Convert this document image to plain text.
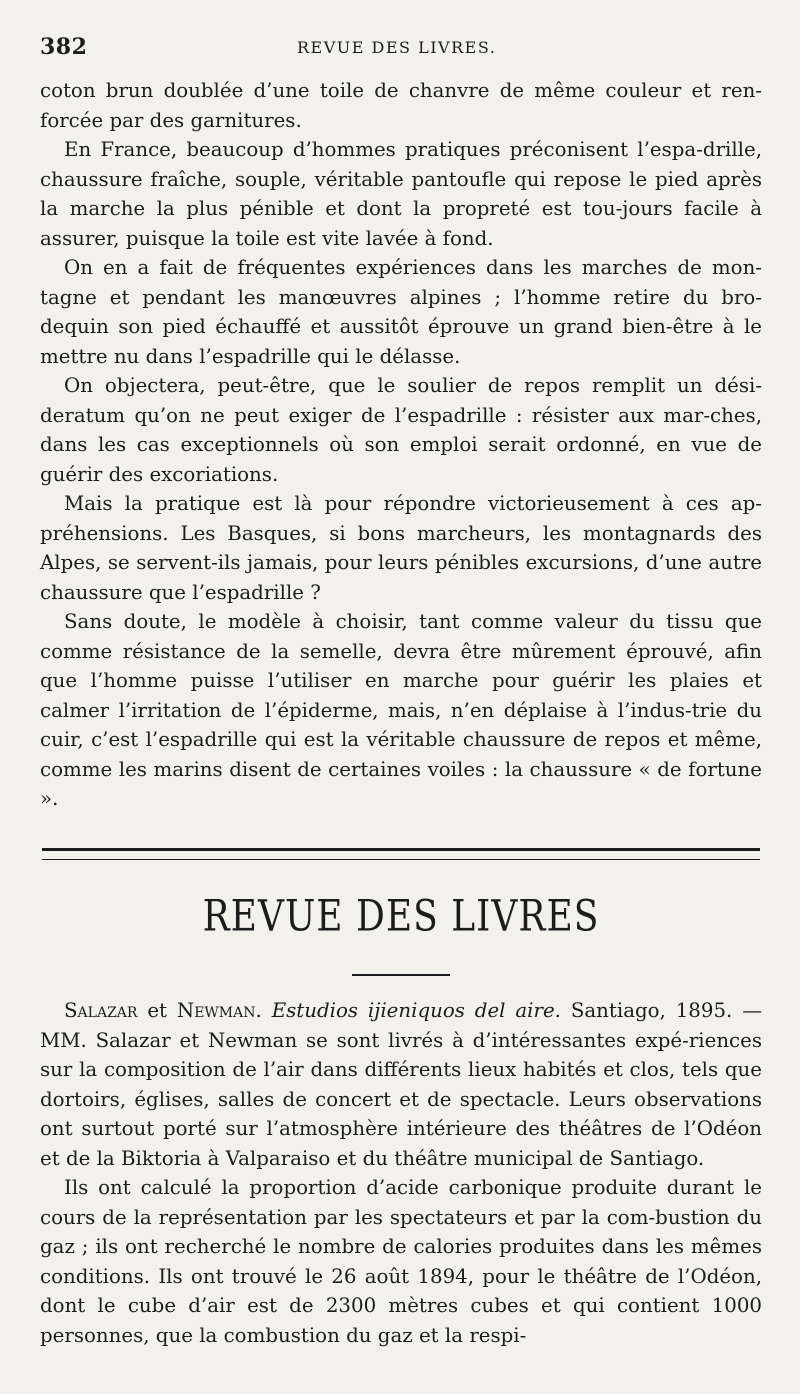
382	REVUE DES LIVRES.

coton brun doublée d’une toile de chanvre de même couleur et ren-forcée par des garnitures.

En France, beaucoup d’hommes pratiques préconisent l’espa-drille, chaussure fraîche, souple, véritable pantoufle qui repose le pied après la marche la plus pénible et dont la propreté est tou-jours facile à assurer, puisque la toile est vite lavée à fond.

On en a fait de fréquentes expériences dans les marches de mon-tagne et pendant les manœuvres alpines ; l’homme retire du bro-dequin son pied échauffé et aussitôt éprouve un grand bien-être à le mettre nu dans l’espadrille qui le délasse.

On objectera, peut-être, que le soulier de repos remplit un dési-deratum qu’on ne peut exiger de l’espadrille : résister aux mar-ches, dans les cas exceptionnels où son emploi serait ordonné, en vue de guérir des excoriations.

Mais la pratique est là pour répondre victorieusement à ces ap-préhensions. Les Basques, si bons marcheurs, les montagnards des Alpes, se servent-ils jamais, pour leurs pénibles excursions, d’une autre chaussure que l’espadrille ?

Sans doute, le modèle à choisir, tant comme valeur du tissu que comme résistance de la semelle, devra être mûrement éprouvé, afin que l’homme puisse l’utiliser en marche pour guérir les plaies et calmer l’irritation de l’épiderme, mais, n’en déplaise à l’indus-trie du cuir, c’est l’espadrille qui est la véritable chaussure de repos et même, comme les marins disent de certaines voiles : la chaussure « de fortune ».

REVUE DES LIVRES

Salazar et Newman. Estudios ijieniquos del aire. Santiago, 1895. — MM. Salazar et Newman se sont livrés à d’intéressantes expé-riences sur la composition de l’air dans différents lieux habités et clos, tels que dortoirs, églises, salles de concert et de spectacle. Leurs observations ont surtout porté sur l’atmosphère intérieure des théâtres de l’Odéon et de la Biktoria à Valparaiso et du théâtre municipal de Santiago.

Ils ont calculé la proportion d’acide carbonique produite durant le cours de la représentation par les spectateurs et par la com-bustion du gaz ; ils ont recherché le nombre de calories produites dans les mêmes conditions. Ils ont trouvé le 26 août 1894, pour le théâtre de l’Odéon, dont le cube d’air est de 2300 mètres cubes et qui contient 1000 personnes, que la combustion du gaz et la respi-
